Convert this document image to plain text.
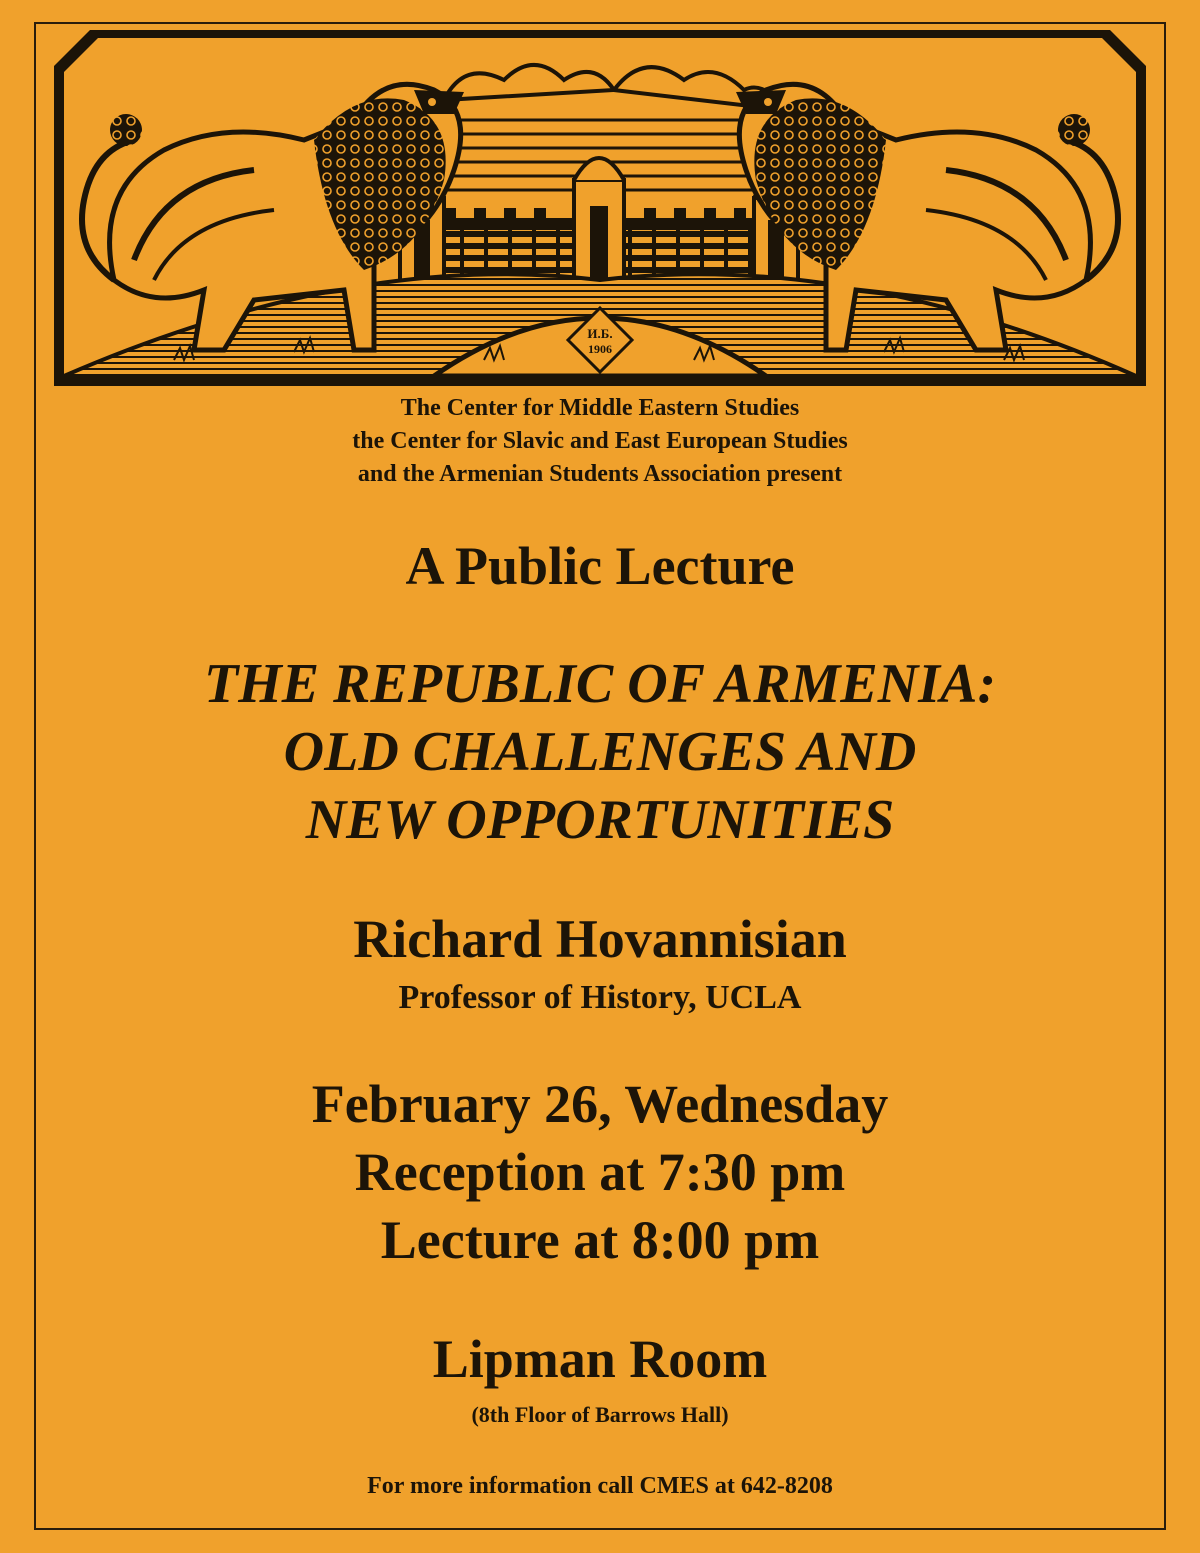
И.Б.
1906
The Center for Middle Eastern Studies
the Center for Slavic and East European Studies
and the Armenian Students Association present
A Public Lecture
THE REPUBLIC OF ARMENIA:
OLD CHALLENGES AND
NEW OPPORTUNITIES
Richard Hovannisian
Professor of History, UCLA
February 26, Wednesday
Reception at 7:30 pm
Lecture at 8:00 pm
Lipman Room
(8th Floor of Barrows Hall)
For more information call CMES at 642-8208
